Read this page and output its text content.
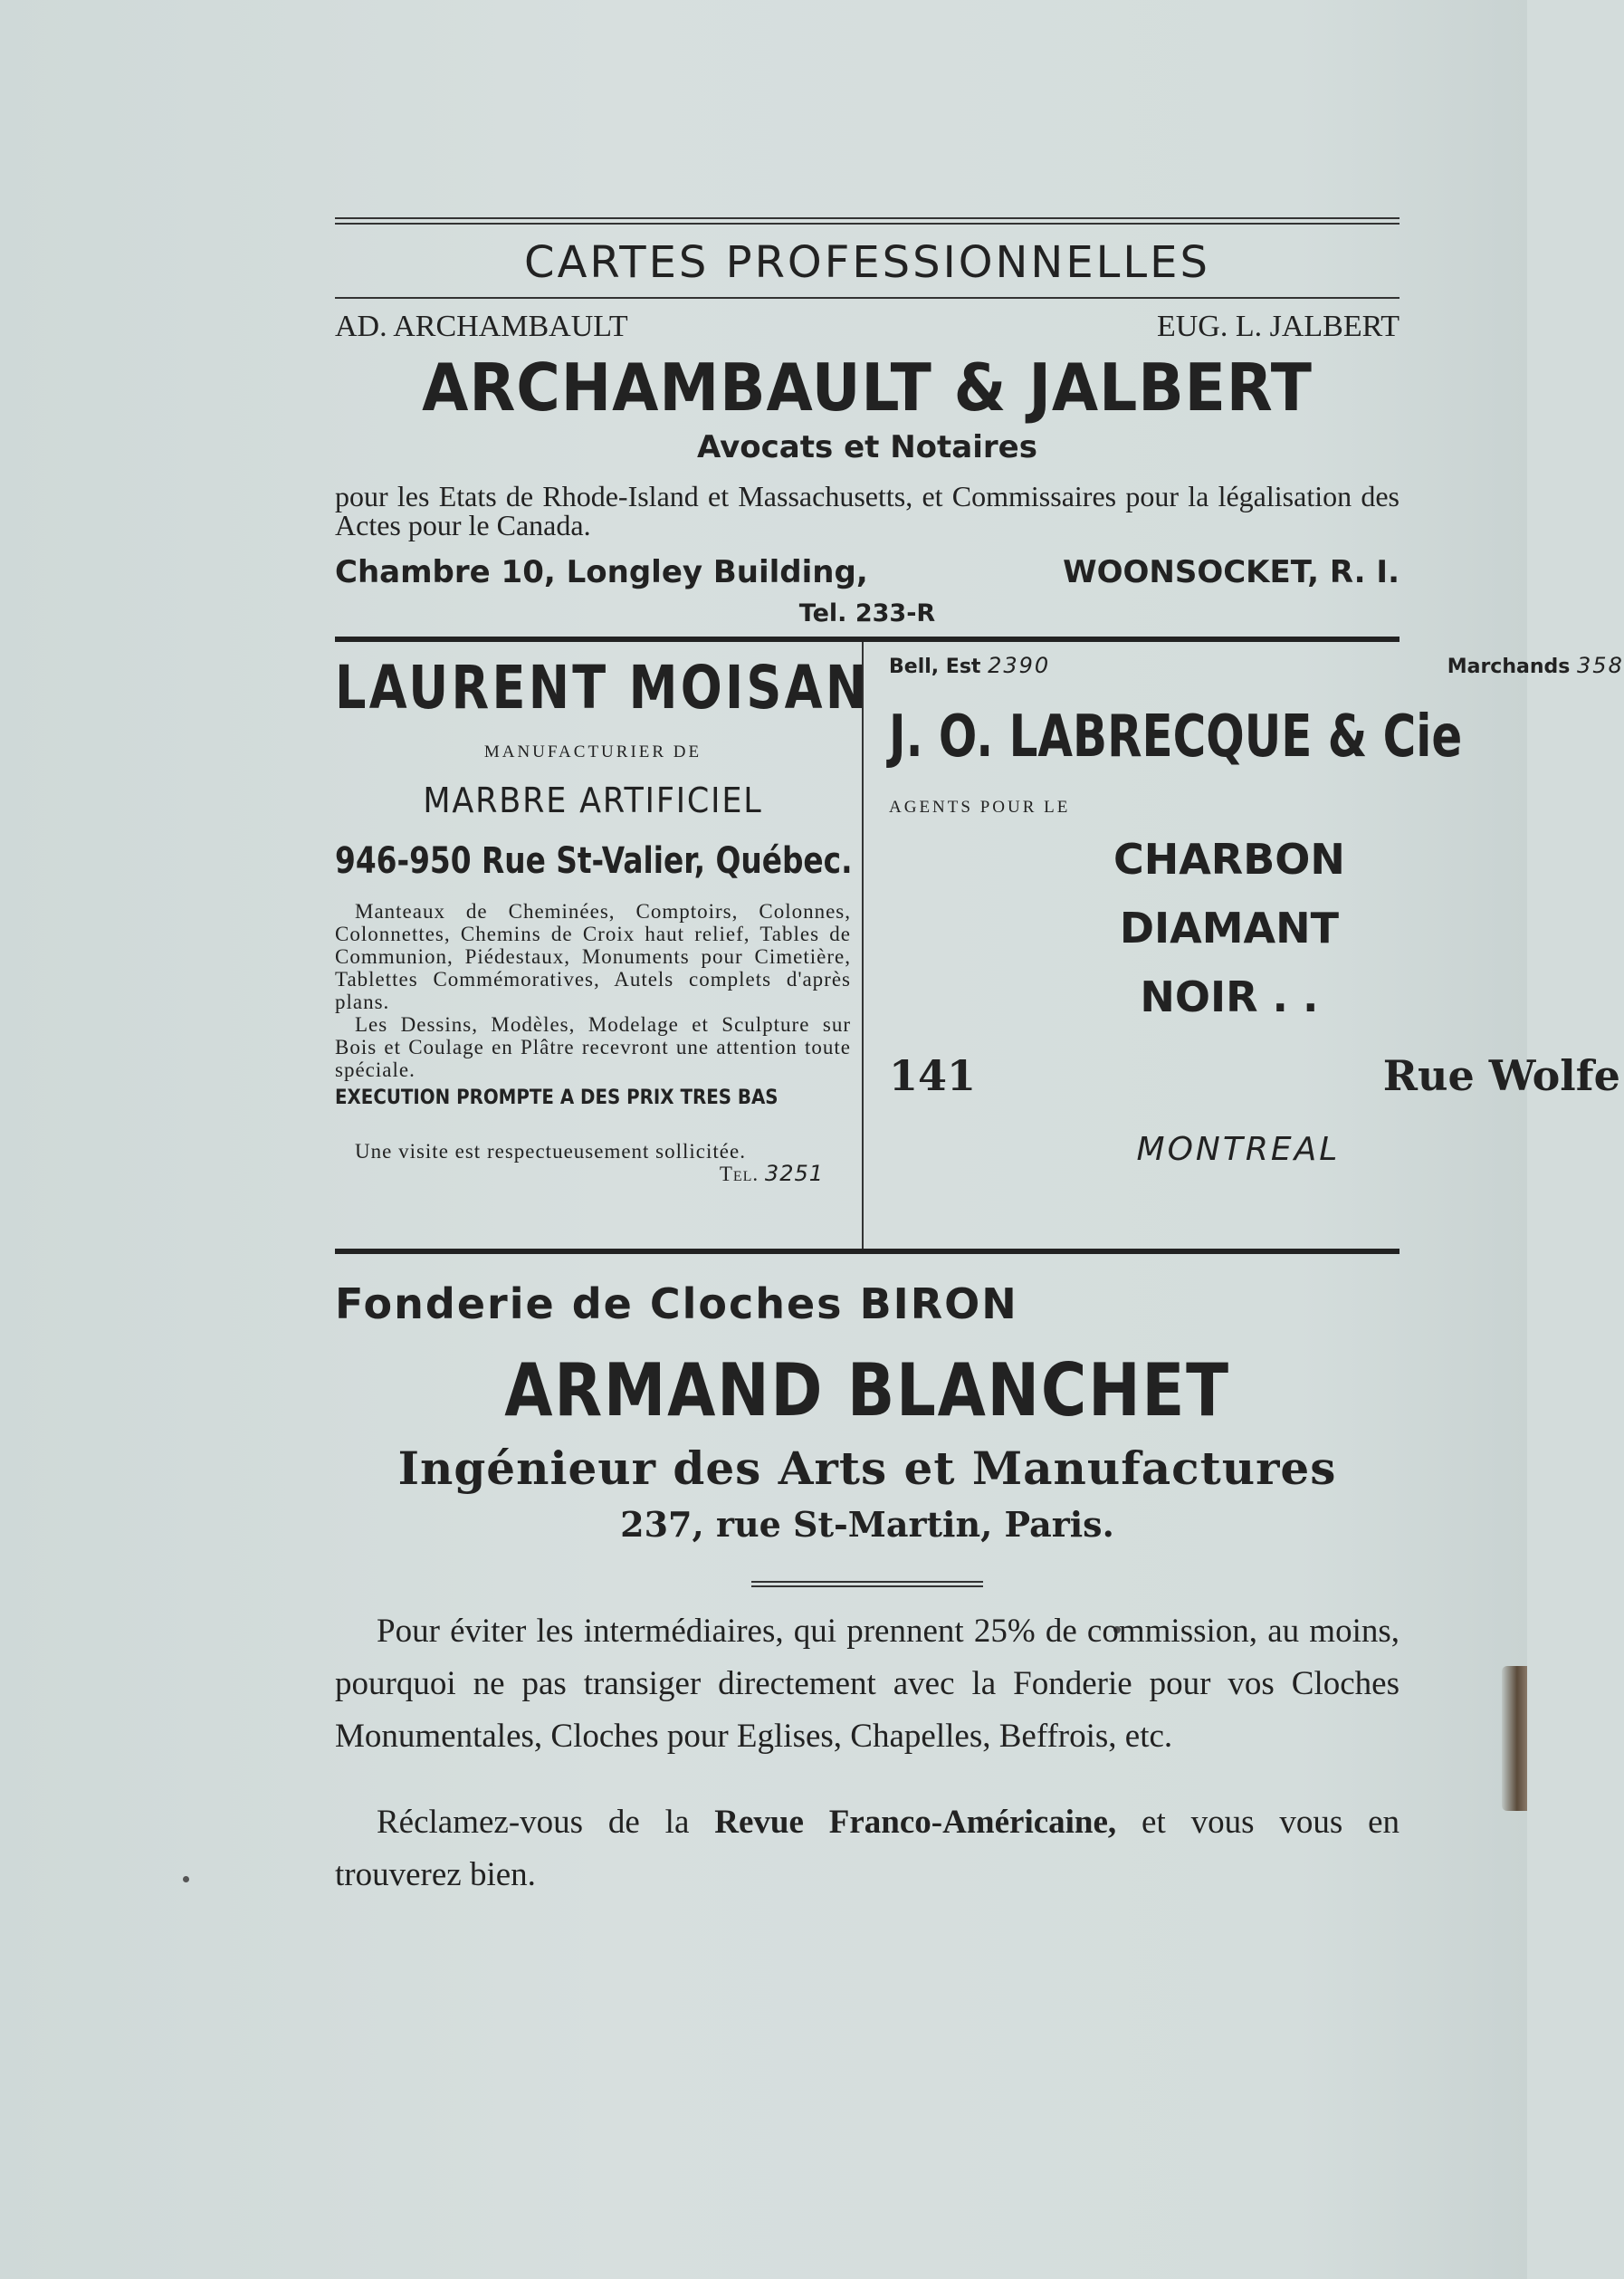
CARTES PROFESSIONNELLES
AD. ARCHAMBAULT	EUG. L. JALBERT
ARCHAMBAULT & JALBERT
Avocats et Notaires
pour les Etats de Rhode-Island et Massachusetts, et Commissaires pour la légalisation des Actes pour le Canada.
Chambre 10, Longley Building,	WOONSOCKET, R. I.
Tel. 233-R
LAURENT MOISAN
MANUFACTURIER DE
MARBRE ARTIFICIEL
946-950 Rue St-Valier, Québec.

Manteaux de Cheminées, Comptoirs, Colonnes, Colonnettes, Chemins de Croix haut relief, Tables de Communion, Piédestaux, Monuments pour Cimetière, Tablettes Commémoratives, Autels complets d'après plans.

Les Dessins, Modèles, Modelage et Sculpture sur Bois et Coulage en Plâtre recevront une attention toute spéciale.

EXECUTION PROMPTE A DES PRIX TRES BAS
Une visite est respectueusement sollicitée.
Tel. 3251
Bell, Est 2390	Marchands 358
J. O. LABRECQUE & Cie
AGENTS POUR LE
CHARBON
DIAMANT
NOIR . .
141	Rue Wolfe
MONTREAL
Fonderie de Cloches BIRON
ARMAND BLANCHET
Ingénieur des Arts et Manufactures
237, rue St-Martin, Paris.

Pour éviter les intermédiaires, qui prennent 25% de commission, au moins, pourquoi ne pas transiger directement avec la Fonderie pour vos Cloches Monumentales, Cloches pour Eglises, Chapelles, Beffrois, etc.

Réclamez-vous de la Revue Franco-Américaine, et vous vous en trouverez bien.
